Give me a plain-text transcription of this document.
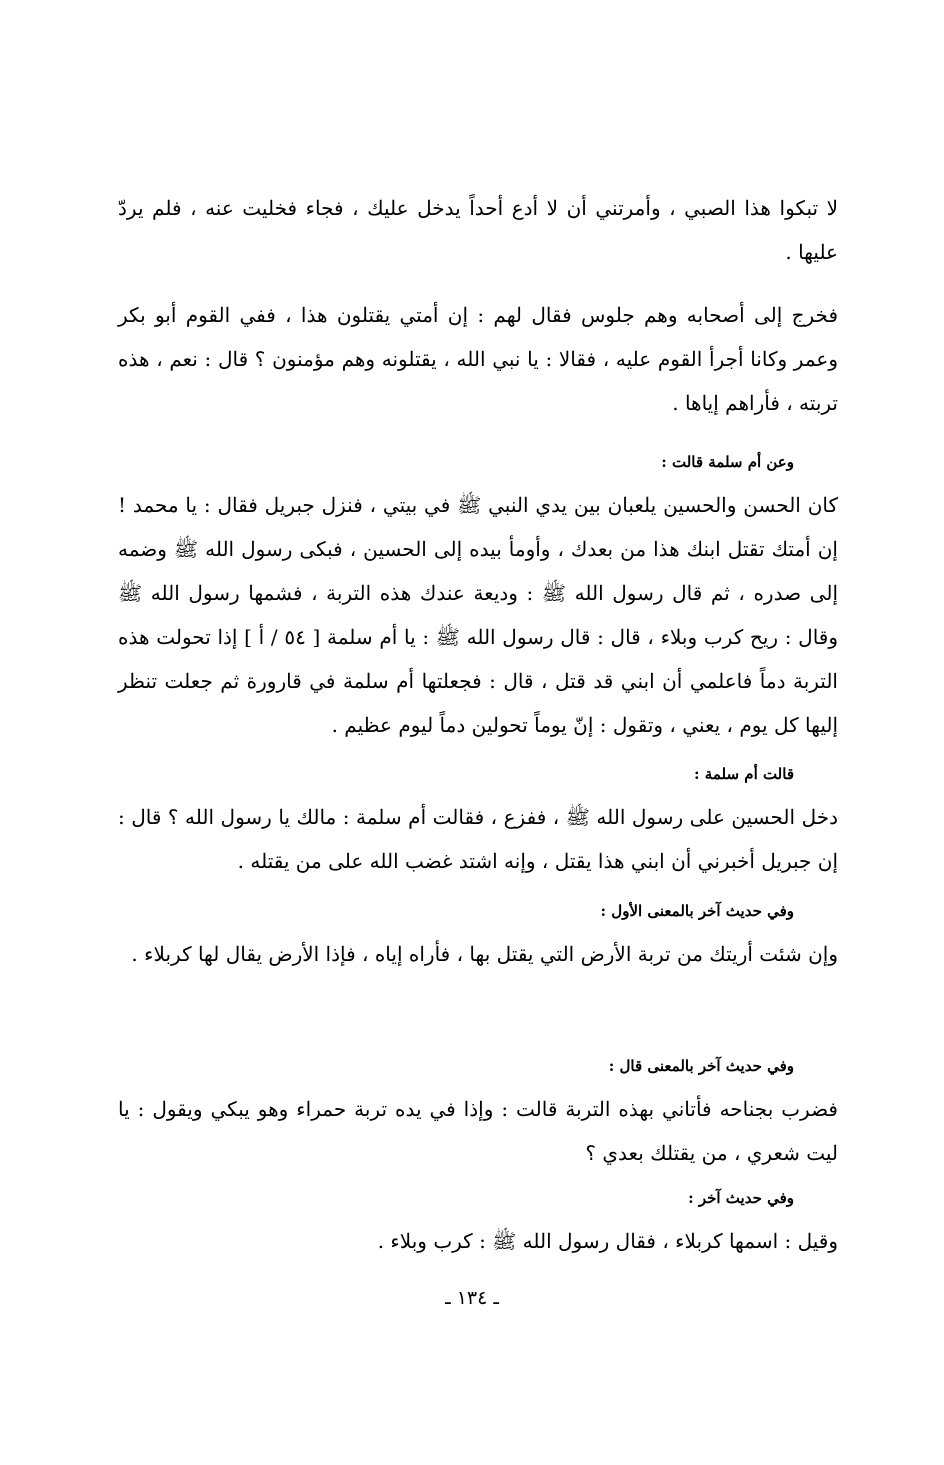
لا تبكوا هذا الصبي ، وأمرتني أن لا أدع أحداً يدخل عليك ، فجاء فخليت عنه ، فلم يردّ عليها .

فخرج إلى أصحابه وهم جلوس فقال لهم : إن أمتي يقتلون هذا ، ففي القوم أبو بكر وعمر وكانا أجرأ القوم عليه ، فقالا : يا نبي الله ، يقتلونه وهم مؤمنون ؟ قال : نعم ، هذه تربته ، فأراهم إياها .

وعن أم سلمة قالت :

كان الحسن والحسين يلعبان بين يدي النبي ﷺ في بيتي ، فنزل جبريل فقال : يا محمد ! إن أمتك تقتل ابنك هذا من بعدك ، وأومأ بيده إلى الحسين ، فبكى رسول الله ﷺ وضمه إلى صدره ، ثم قال رسول الله ﷺ : وديعة عندك هذه التربة ، فشمها رسول الله ﷺ وقال : ريح كرب وبلاء ، قال : قال رسول الله ﷺ : يا أم سلمة [ ٥٤ / أ ] إذا تحولت هذه التربة دماً فاعلمي أن ابني قد قتل ، قال : فجعلتها أم سلمة في قارورة ثم جعلت تنظر إليها كل يوم ، يعني ، وتقول : إنّ يوماً تحولين دماً ليوم عظيم .

قالت أم سلمة :

دخل الحسين على رسول الله ﷺ ، ففزع ، فقالت أم سلمة : مالك يا رسول الله ؟ قال : إن جبريل أخبرني أن ابني هذا يقتل ، وإنه اشتد غضب الله على من يقتله .

وفي حديث آخر بالمعنى الأول :

وإن شئت أريتك من تربة الأرض التي يقتل بها ، فأراه إياه ، فإذا الأرض يقال لها كربلاء .

وفي حديث آخر بالمعنى قال :

فضرب بجناحه فأتاني بهذه التربة قالت : وإذا في يده تربة حمراء وهو يبكي ويقول : يا ليت شعري ، من يقتلك بعدي ؟

وفي حديث آخر :

وقيل : اسمها كربلاء ، فقال رسول الله ﷺ : كرب وبلاء .

ـ ١٣٤ ـ
